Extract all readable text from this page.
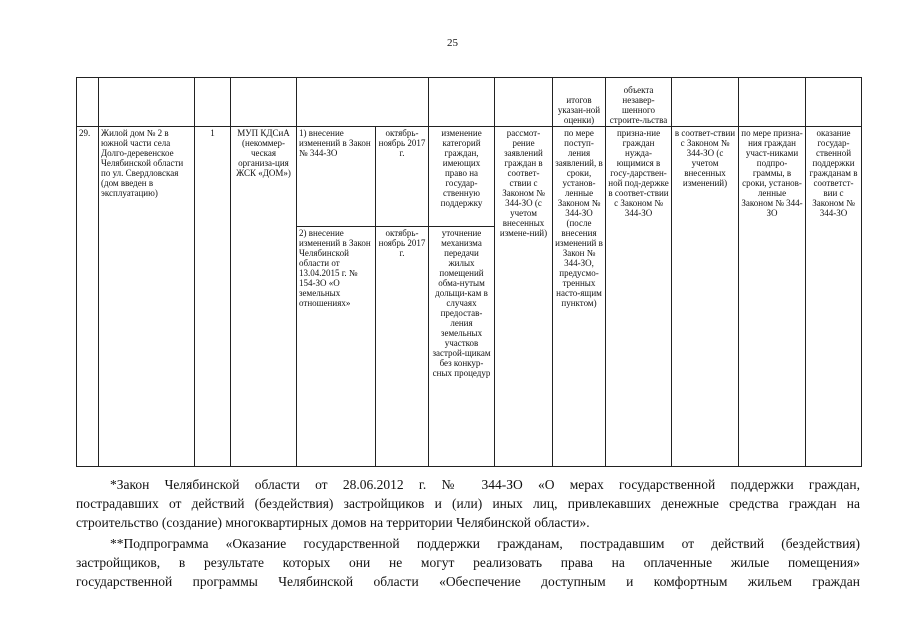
25
								итогов указан-ной оценки)	объекта незавер-шенного строите-льства			
29.	Жилой дом № 2 в южной части села Долго-деревенское Челябинской области по ул. Свердловская (дом введен в эксплуатацию)	1	МУП КДСиА (некоммер-ческая организа-ция ЖСК «ДОМ»)	1) внесение изменений в Закон № 344-ЗО	октябрь-ноябрь 2017 г.	изменение категорий граждан, имеющих право на государ-ственную поддержку	рассмот-рение заявлений граждан в соответ-ствии с Законом № 344-ЗО (с учетом внесенных измене-ний)	по мере поступ-ления заявлений, в сроки, установ-ленные Законом № 344-ЗО (после внесения изменений в Закон № 344-ЗО, предусмо-тренных насто-ящим пунктом)	призна-ние граждан нужда-ющимися в госу-дарствен-ной под-держке в соответ-ствии с Законом № 344-ЗО	в соответ-ствии с Законом № 344-ЗО (с учетом внесенных изменений)	по мере призна-ния граждан участ-никами подпро-граммы, в сроки, установ-ленные Законом № 344-ЗО	оказание государ-ственной поддержки гражданам в соответст-вии с Законом № 344-ЗО
				2) внесение изменений в Закон Челябинской области от 13.04.2015 г. № 154-ЗО «О земельных отношениях»	октябрь-ноябрь 2017 г.	уточнение механизма передачи жилых помещений обма-нутым дольщи-кам в случаях предостав-ления земельных участков застрой-щикам без конкур-сных процедур						
*Закон Челябинской области от 28.06.2012 г. № 344-ЗО «О мерах государственной поддержки граждан,
пострадавших от действий (бездействия) застройщиков и (или) иных лиц, привлекавших денежные средства граждан на
строительство (создание) многоквартирных домов на территории Челябинской области».
**Подпрограмма «Оказание государственной поддержки гражданам, пострадавшим от действий (бездействия)
застройщиков, в результате которых они не могут реализовать права на оплаченные жилые помещения»
государственной программы Челябинской области «Обеспечение доступным и комфортным жильем граждан
